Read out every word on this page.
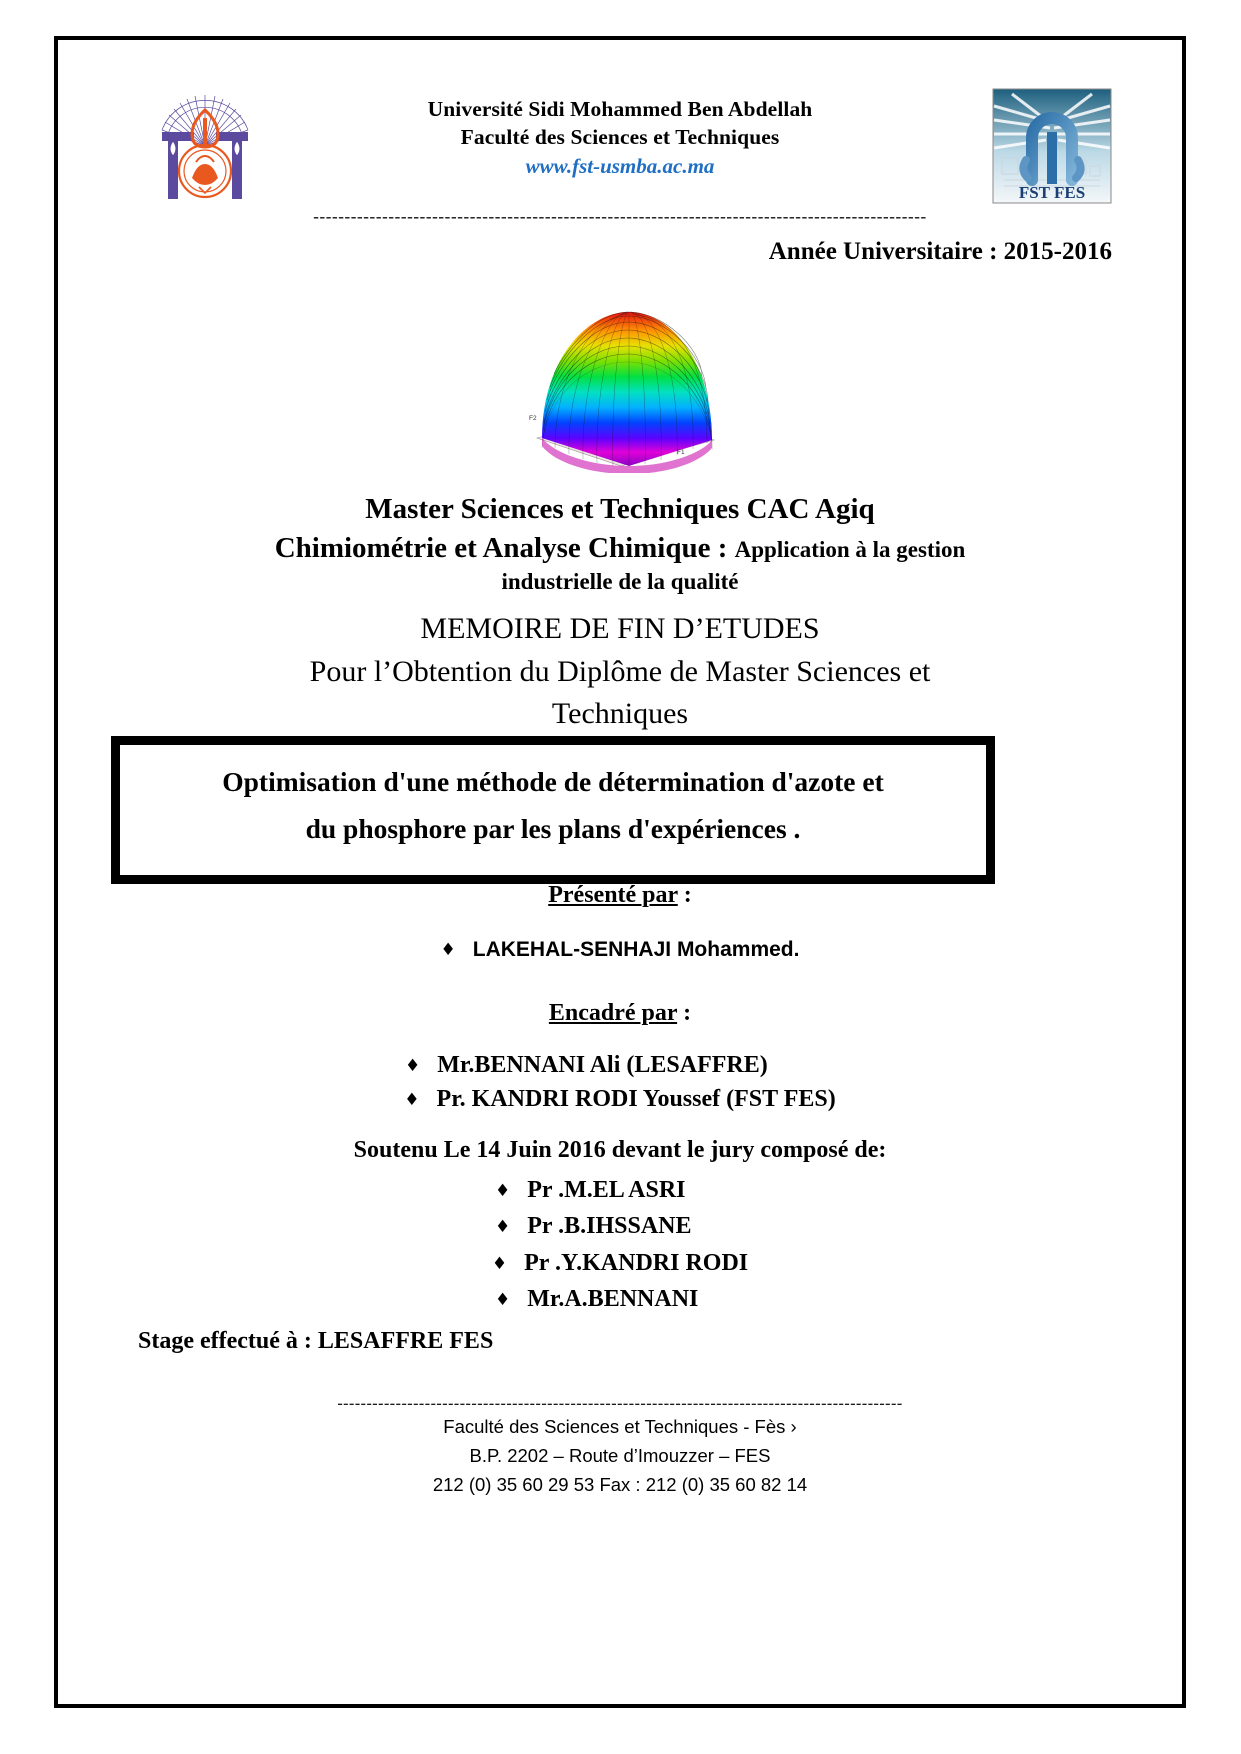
Université Sidi Mohammed Ben Abdellah
Faculté des Sciences et Techniques
www.fst-usmba.ac.ma
FST FES
--------------------------------------------------------------------------------------------------
Année Universitaire : 2015-2016
F2
F1
Master Sciences et Techniques CAC Agiq
Chimiométrie et Analyse Chimique : Application à la gestion
industrielle de la qualité
MEMOIRE DE FIN D’ETUDES
Pour l’Obtention du Diplôme de Master Sciences et
Techniques
Optimisation d'une méthode de détermination d'azote et
du phosphore par les plans d'expériences .
Présenté par :
♦ LAKEHAL-SENHAJI Mohammed.
Encadré par :
♦ Mr.BENNANI Ali (LESAFFRE)
♦ Pr. KANDRI RODI Youssef (FST FES)
Soutenu Le 14 Juin 2016 devant le jury composé de:
♦ Pr .M.EL ASRI
♦ Pr .B.IHSSANE
♦ Pr .Y.KANDRI RODI
♦ Mr.A.BENNANI
Stage effectué à : LESAFFRE FES
-------------------------------------------------------------------------------------------------
Faculté des Sciences et Techniques - Fès ›
B.P. 2202 – Route d’Imouzzer – FES
212 (0) 35 60 29 53 Fax : 212 (0) 35 60 82 14
